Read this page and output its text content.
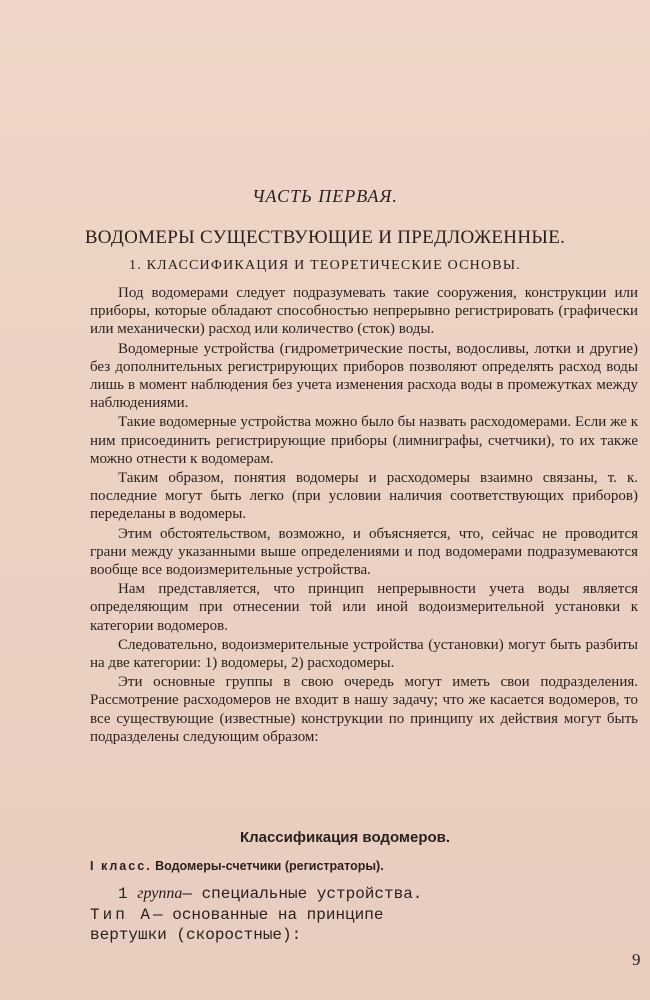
ЧАСТЬ ПЕРВАЯ.
ВОДОМЕРЫ СУЩЕСТВУЮЩИЕ И ПРЕДЛОЖЕННЫЕ.
1. КЛАССИФИКАЦИЯ И ТЕОРЕТИЧЕСКИЕ ОСНОВЫ.

Под водомерами следует подразумевать такие сооружения, конструкции или приборы, которые обладают способностью непрерывно регистрировать (графически или механически) расход или количество (сток) воды.

Водомерные устройства (гидрометрические посты, водосливы, лотки и другие) без дополнительных регистрирующих приборов позволяют определять расход воды лишь в момент наблюдения без учета изменения расхода воды в промежутках между наблюдениями.

Такие водомерные устройства можно было бы назвать расходомерами. Если же к ним присоединить регистрирующие приборы (лимниграфы, счетчики), то их также можно отнести к водомерам.

Таким образом, понятия водомеры и расходомеры взаимно связаны, т. к. последние могут быть легко (при условии наличия соответствующих приборов) переделаны в водомеры.

Этим обстоятельством, возможно, и объясняется, что, сейчас не проводится грани между указанными выше определениями и под водомерами подразумеваются вообще все водоизмерительные устройства.

Нам представляется, что принцип непрерывности учета воды является определяющим при отнесении той или иной водоизмерительной установки к категории водомеров.

Следовательно, водоизмерительные устройства (установки) могут быть разбиты на две категории: 1) водомеры, 2) расходомеры.

Эти основные группы в свою очередь могут иметь свои подразделения. Рассмотрение расходомеров не входит в нашу задачу; что же касается водомеров, то все существующие (известные) конструкции по принципу их действия могут быть подразделены следующим образом:

Классификация водомеров.
I класс. Водомеры-счетчики (регистраторы).
1 группа— специальные устройства.
Тип А— основанные на принципе
вертушки (скоростные):
9
